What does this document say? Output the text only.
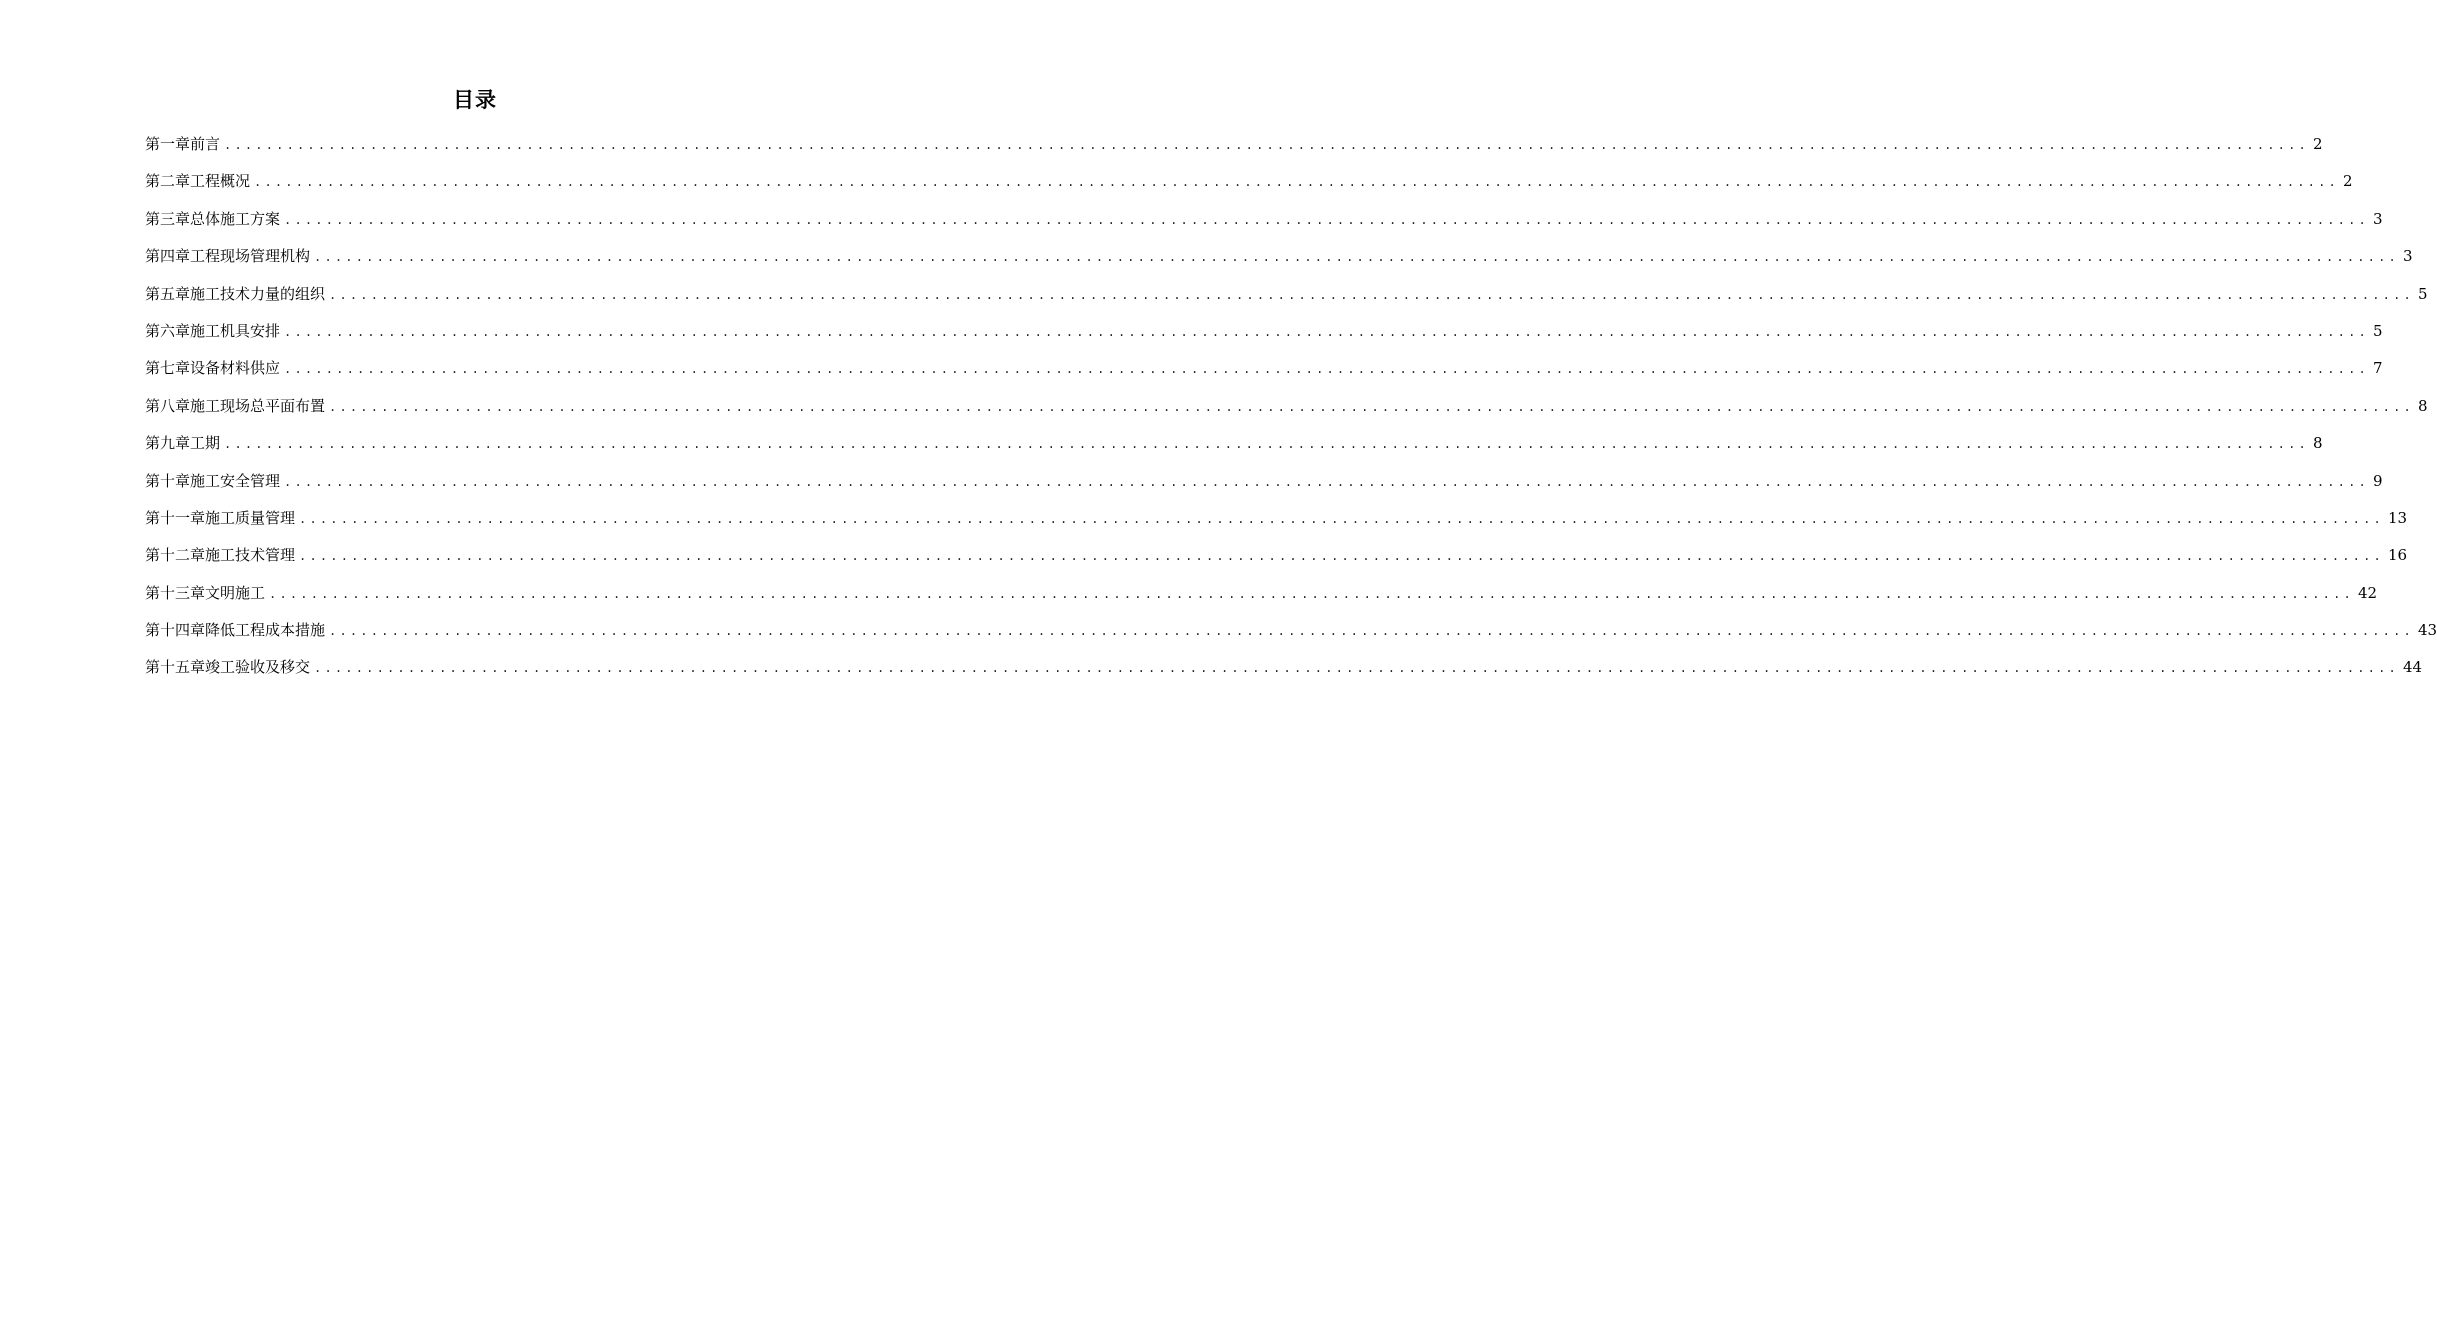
目录
第一章 前言 ........................................................................................................................................................................................................ 2
第二章 工程概况 ........................................................................................................................................................................................................ 2
第三章 总体施工方案 ........................................................................................................................................................................................................ 3
第四章 工程现场管理机构 ........................................................................................................................................................................................................ 3
第五章 施工技术力量的组织 ........................................................................................................................................................................................................ 5
第六章 施工机具安排 ........................................................................................................................................................................................................ 5
第七章 设备材料供应 ........................................................................................................................................................................................................ 7
第八章 施工现场总平面布置 ........................................................................................................................................................................................................ 8
第九章 工期 ........................................................................................................................................................................................................ 8
第十章 施工安全管理 ........................................................................................................................................................................................................ 9
第十一章 施工质量管理 ........................................................................................................................................................................................................ 13
第十二章 施工技术管理 ........................................................................................................................................................................................................ 16
第十三章 文明施工 ........................................................................................................................................................................................................ 42
第十四章 降低工程成本措施 ........................................................................................................................................................................................................ 43
第十五章 竣工验收及移交 ........................................................................................................................................................................................................ 44
